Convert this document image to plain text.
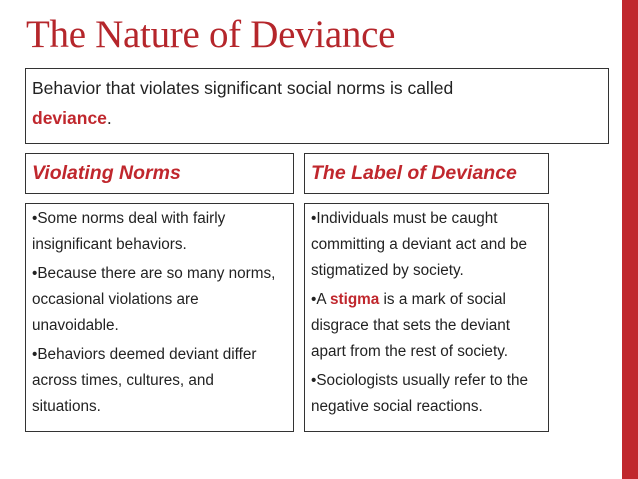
The Nature of Deviance
Behavior that violates significant social norms is called
deviance.
Violating Norms	The Label of Deviance

•Some norms deal with fairly insignificant behaviors.

•Because there are so many norms, occasional violations are unavoidable.

•Behaviors deemed deviant differ across times, cultures, and situations.

•Individuals must be caught committing a deviant act and be stigmatized by society.

•A stigma is a mark of social disgrace that sets the deviant apart from the rest of society.

•Sociologists usually refer to the negative social reactions.
